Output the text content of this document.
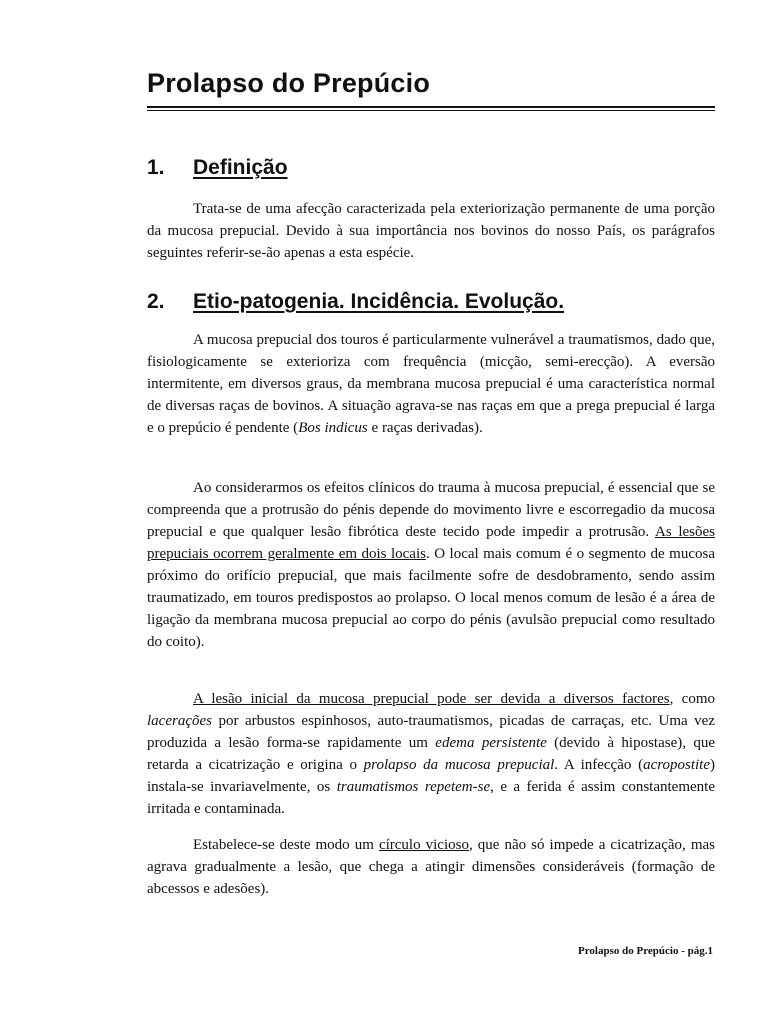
Prolapso do Prepúcio
1. Definição

Trata-se de uma afecção caracterizada pela exteriorização permanente de uma porção da mucosa prepucial. Devido à sua importância nos bovinos do nosso País, os parágrafos seguintes referir-se-ão apenas a esta espécie.

2. Etio-patogenia. Incidência. Evolução.

A mucosa prepucial dos touros é particularmente vulnerável a traumatismos, dado que, fisiologicamente se exterioriza com frequência (micção, semi-erecção). A eversão intermitente, em diversos graus, da membrana mucosa prepucial é uma característica normal de diversas raças de bovinos. A situação agrava-se nas raças em que a prega prepucial é larga e o prepúcio é pendente (Bos indicus e raças derivadas).

Ao considerarmos os efeitos clínicos do trauma à mucosa prepucial, é essencial que se compreenda que a protrusão do pénis depende do movimento livre e escorregadio da mucosa prepucial e que qualquer lesão fibrótica deste tecido pode impedir a protrusão. As lesões prepuciais ocorrem geralmente em dois locais. O local mais comum é o segmento de mucosa próximo do orifício prepucial, que mais facilmente sofre de desdobramento, sendo assim traumatizado, em touros predispostos ao prolapso. O local menos comum de lesão é a área de ligação da membrana mucosa prepucial ao corpo do pénis (avulsão prepucial como resultado do coito).

A lesão inicial da mucosa prepucial pode ser devida a diversos factores, como lacerações por arbustos espinhosos, auto-traumatismos, picadas de carraças, etc. Uma vez produzida a lesão forma-se rapidamente um edema persistente (devido à hipostase), que retarda a cicatrização e origina o prolapso da mucosa prepucial. A infecção (acropostite) instala-se invariavelmente, os traumatismos repetem-se, e a ferida é assim constantemente irritada e contaminada.

Estabelece-se deste modo um círculo vicioso, que não só impede a cicatrização, mas agrava gradualmente a lesão, que chega a atingir dimensões consideráveis (formação de abcessos e adesões).

Prolapso do Prepúcio - pág.1
